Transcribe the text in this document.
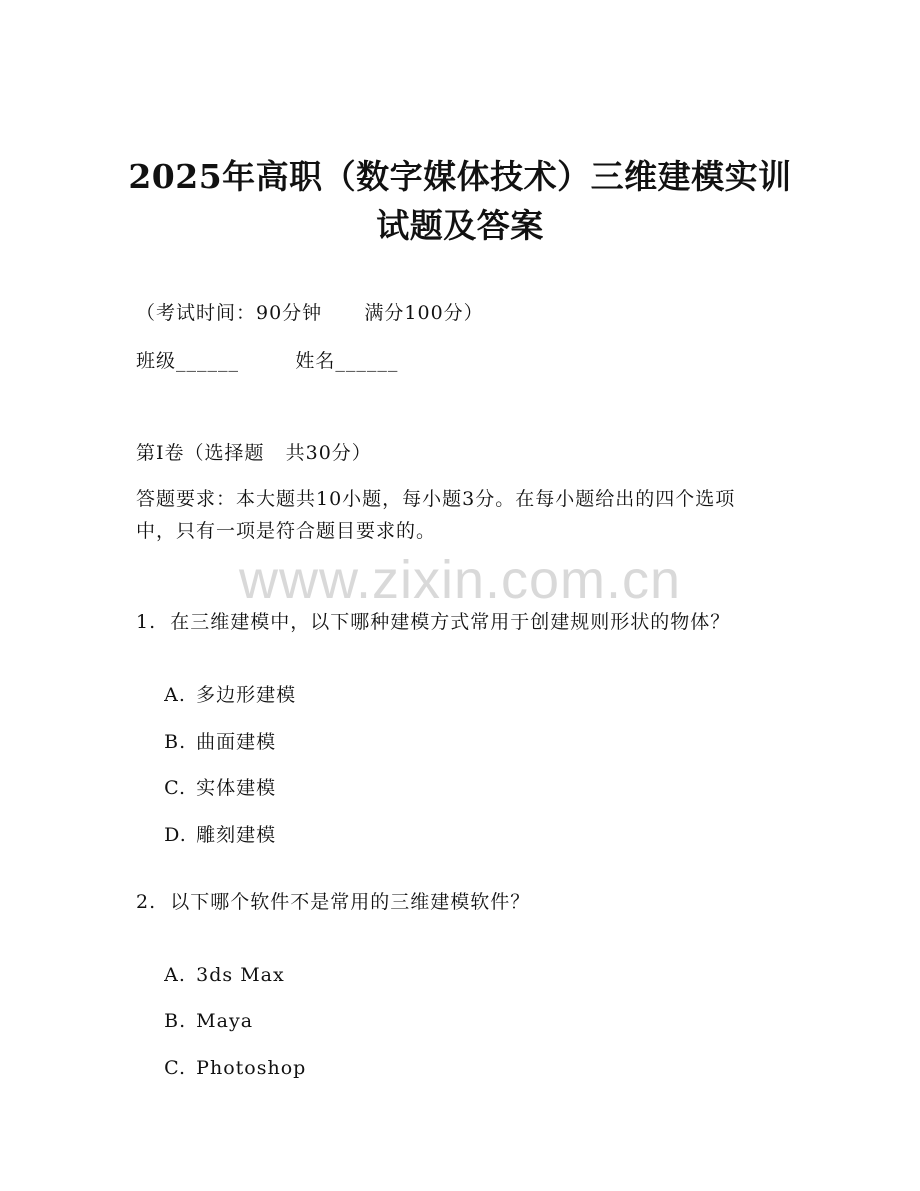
2025年高职（数字媒体技术）三维建模实训
试题及答案
（考试时间：90分钟      满分100分）
班级______        姓名______
第I卷（选择题   共30分）
答题要求：本大题共10小题，每小题3分。在每小题给出的四个选项
中，只有一项是符合题目要求的。
www.zixin.com.cn
1.  在三维建模中，以下哪种建模方式常用于创建规则形状的物体？

A. 多边形建模

B. 曲面建模

C. 实体建模

D. 雕刻建模

2.  以下哪个软件不是常用的三维建模软件？

A. 3ds Max

B. Maya

C. Photoshop
